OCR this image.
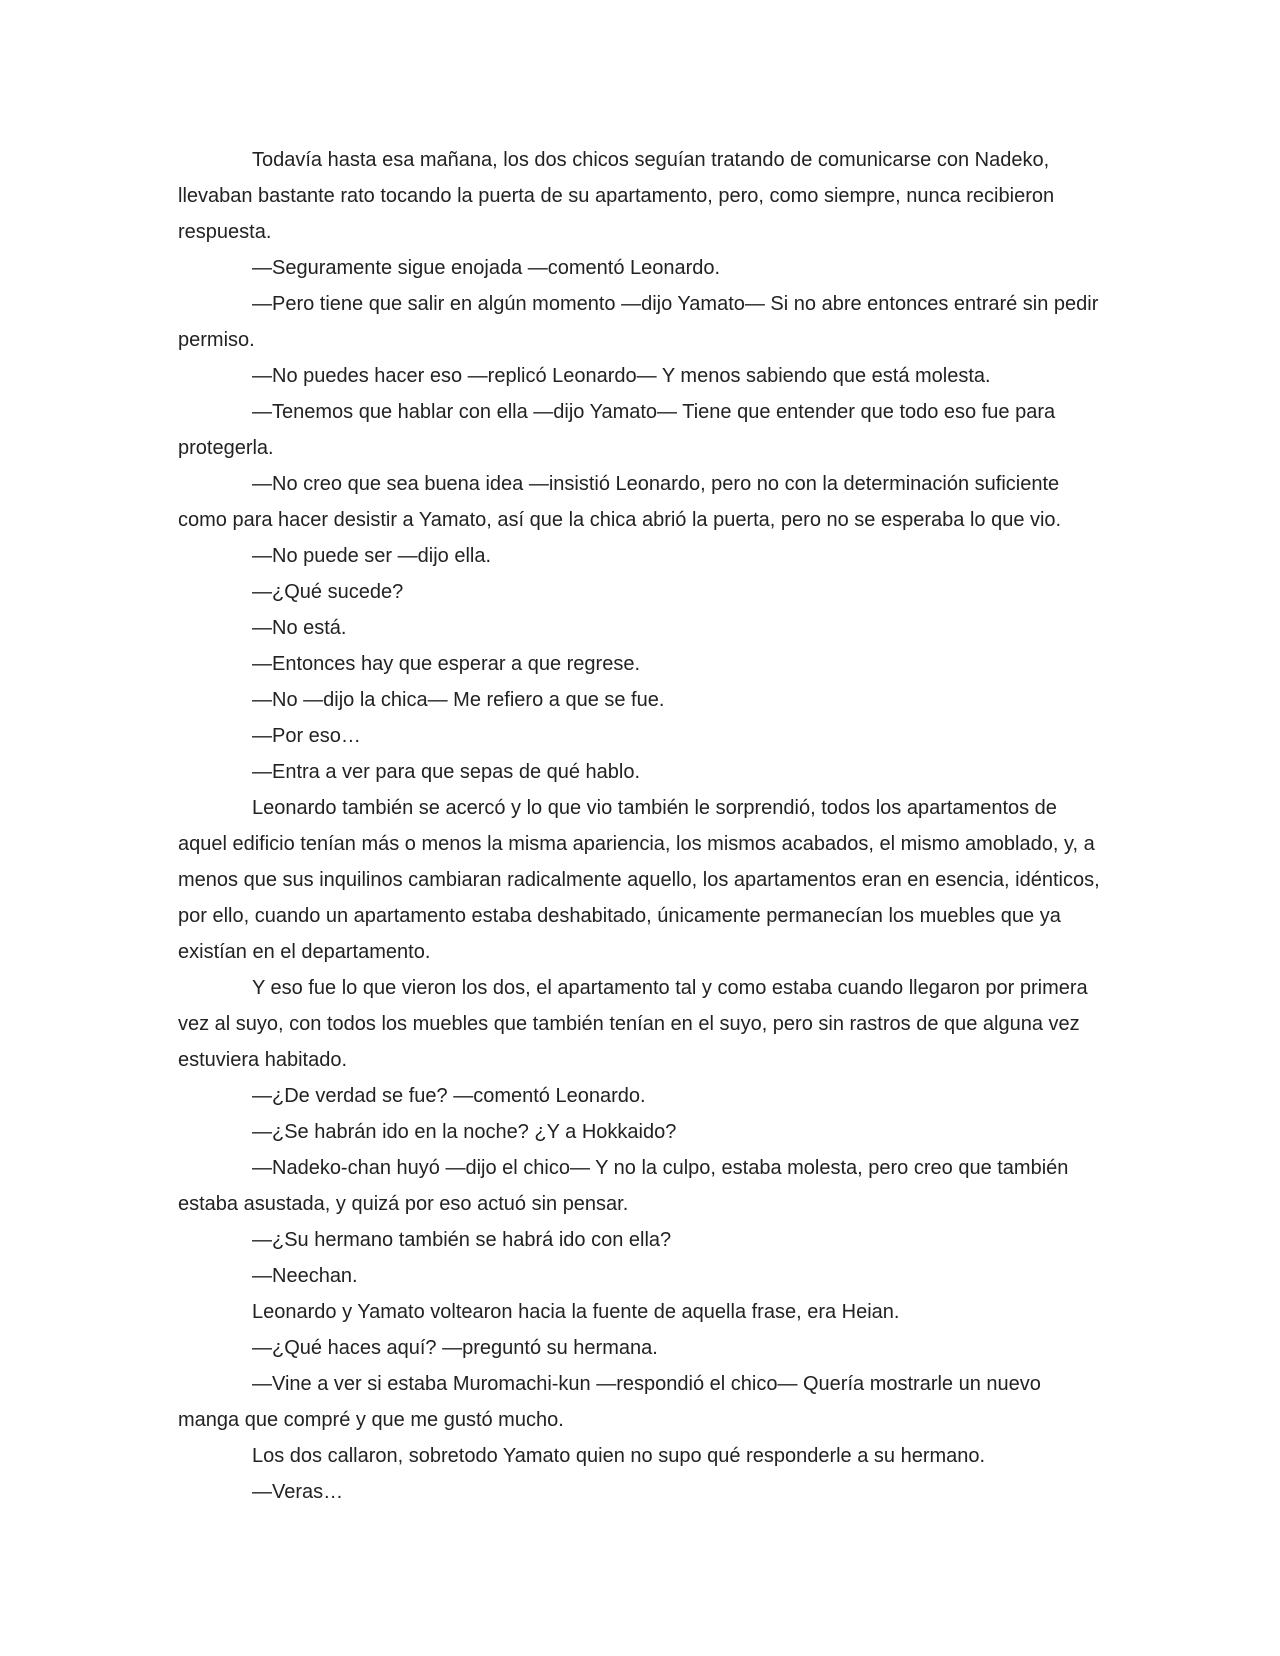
Todavía hasta esa mañana, los dos chicos seguían tratando de comunicarse con Nadeko, llevaban bastante rato tocando la puerta de su apartamento, pero, como siempre, nunca recibieron respuesta.

—Seguramente sigue enojada —comentó Leonardo.

—Pero tiene que salir en algún momento —dijo Yamato— Si no abre entonces entraré sin pedir permiso.

—No puedes hacer eso —replicó Leonardo— Y menos sabiendo que está molesta.

—Tenemos que hablar con ella —dijo Yamato— Tiene que entender que todo eso fue para protegerla.

—No creo que sea buena idea —insistió Leonardo, pero no con la determinación suficiente como para hacer desistir a Yamato, así que la chica abrió la puerta, pero no se esperaba lo que vio.

—No puede ser —dijo ella.

—¿Qué sucede?

—No está.

—Entonces hay que esperar a que regrese.

—No —dijo la chica— Me refiero a que se fue.

—Por eso…

—Entra a ver para que sepas de qué hablo.

Leonardo también se acercó y lo que vio también le sorprendió, todos los apartamentos de aquel edificio tenían más o menos la misma apariencia, los mismos acabados, el mismo amoblado, y, a menos que sus inquilinos cambiaran radicalmente aquello, los apartamentos eran en esencia, idénticos, por ello, cuando un apartamento estaba deshabitado, únicamente permanecían los muebles que ya existían en el departamento.

Y eso fue lo que vieron los dos, el apartamento tal y como estaba cuando llegaron por primera vez al suyo, con todos los muebles que también tenían en el suyo, pero sin rastros de que alguna vez estuviera habitado.

—¿De verdad se fue? —comentó Leonardo.

—¿Se habrán ido en la noche? ¿Y a Hokkaido?

—Nadeko-chan huyó —dijo el chico— Y no la culpo, estaba molesta, pero creo que también estaba asustada, y quizá por eso actuó sin pensar.

—¿Su hermano también se habrá ido con ella?

—Neechan.

Leonardo y Yamato voltearon hacia la fuente de aquella frase, era Heian.

—¿Qué haces aquí? —preguntó su hermana.

—Vine a ver si estaba Muromachi-kun —respondió el chico— Quería mostrarle un nuevo manga que compré y que me gustó mucho.

Los dos callaron, sobretodo Yamato quien no supo qué responderle a su hermano.

—Veras…
